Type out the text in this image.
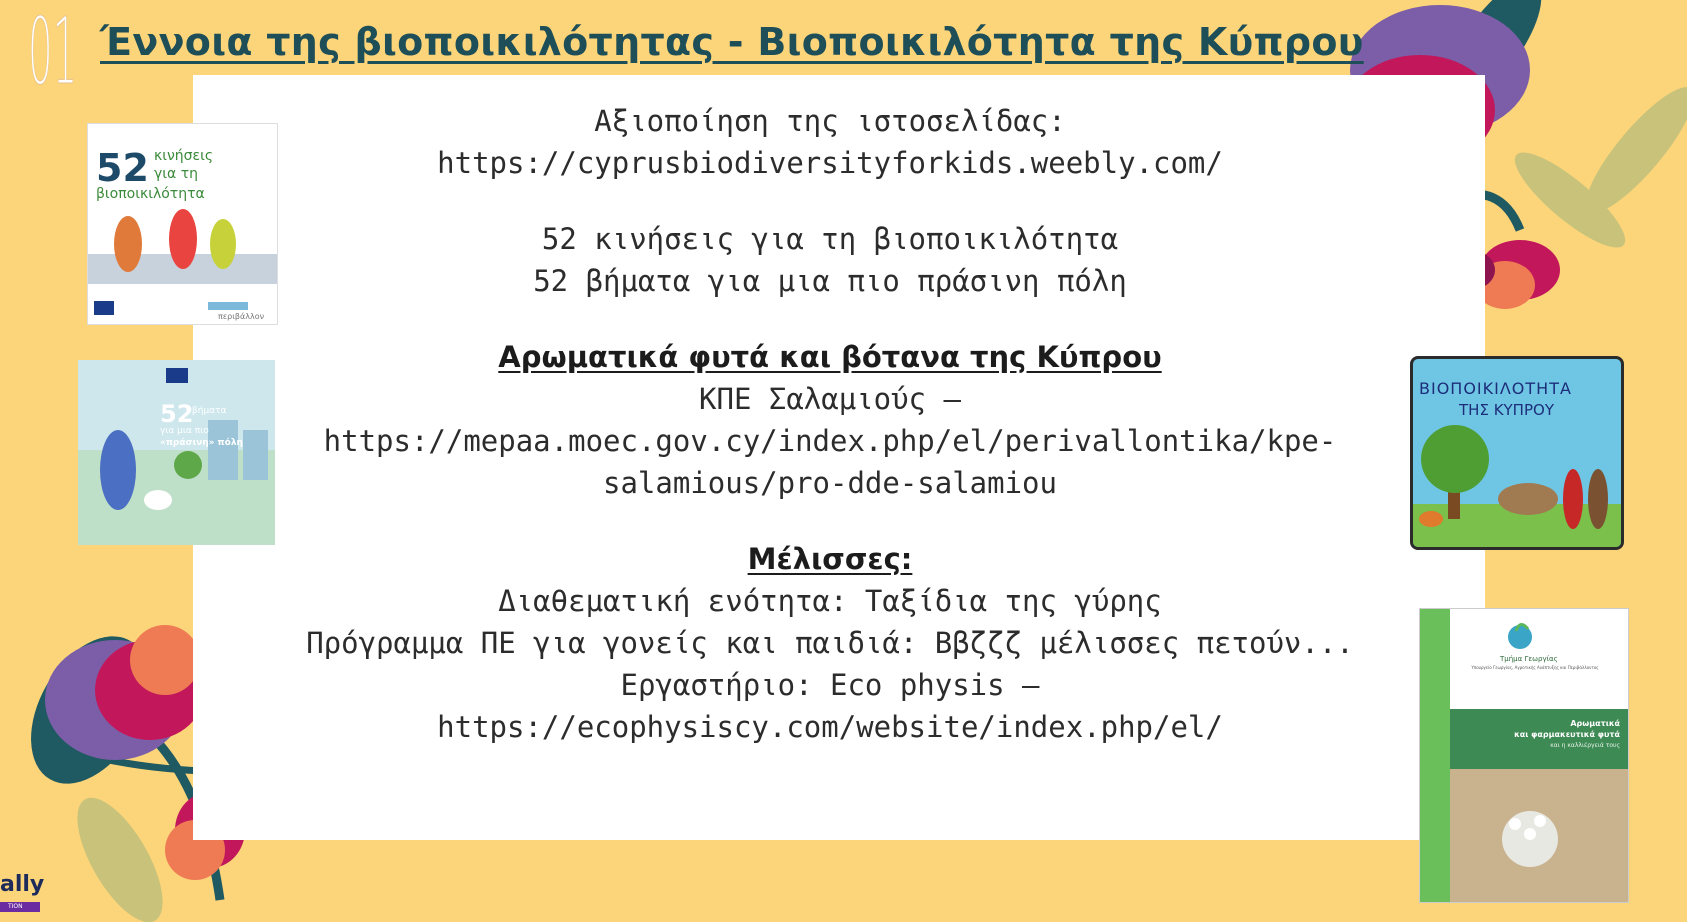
01 Έννοια της βιοποικιλότητας - Βιοποικιλότητα της Κύπρου
Αξιοποίηση της ιστοσελίδας:
https://cyprusbiodiversityforkids.weebly.com/
52 κινήσεις για τη βιοποικιλότητα
52 βήματα για μια πιο πράσινη πόλη
Αρωματικά φυτά και βότανα της Κύπρου
ΚΠΕ Σαλαμιούς –
https://mepaa.moec.gov.cy/index.php/el/perivallontika/kpe-
salamious/pro-dde-salamiou
Μέλισσες:
Διαθεματική ενότητα: Ταξίδια της γύρης
Πρόγραμμα ΠΕ για γονείς και παιδιά: Ββζζζ μέλισσες πετούν...
Εργαστήριο: Eco physis –
https://ecophysiscy.com/website/index.php/el/
52 κινήσεις
για τη
βιοποικιλότητα
περιβάλλον
52
βήματα
για μια πιο
«πράσινη» πόλη
ΒΙΟΠΟΙΚΙΛΟΤΗΤΑ
ΤΗΣ ΚΥΠΡΟΥ
Τμήμα Γεωργίας
Υπουργείο Γεωργίας, Αγροτικής Ανάπτυξης και Περιβάλλοντος
Αρωματικά
και φαρμακευτικά φυτά
και η καλλιέργειά τους
ally
TION
